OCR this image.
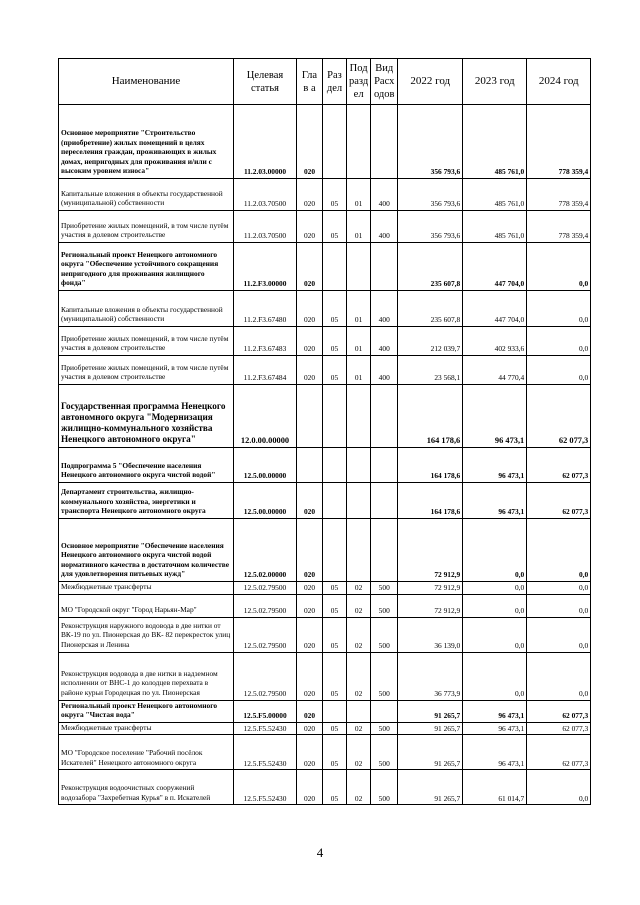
Наименование	Целевая статья	Гла в а	Раз дел	Под разд ел	Вид Расх одов	2022 год	2023 год	2024 год
Основное мероприятие "Строительство (приобретение) жилых помещений в целях переселения граждан, проживающих в жилых домах, непригодных для проживания и/или с высоким уровнем износа"	11.2.03.00000	020				356 793,6	485 761,0	778 359,4
Капитальные вложения в объекты государственной (муниципальной) собственности	11.2.03.70500	020	05	01	400	356 793,6	485 761,0	778 359,4
Приобретение жилых помещений, в том числе путём участия в долевом строительстве	11.2.03.70500	020	05	01	400	356 793,6	485 761,0	778 359,4
Региональный проект Ненецкого автономного округа "Обеспечение устойчивого сокращения непригодного для проживания жилищного фонда"	11.2.F3.00000	020				235 607,8	447 704,0	0,0
Капитальные вложения в объекты государственной (муниципальной) собственности	11.2.F3.67480	020	05	01	400	235 607,8	447 704,0	0,0
Приобретение жилых помещений, в том числе путём участия в долевом строительстве	11.2.F3.67483	020	05	01	400	212 039,7	402 933,6	0,0
Приобретение жилых помещений, в том числе путём участия в долевом строительстве	11.2.F3.67484	020	05	01	400	23 568,1	44 770,4	0,0
Государственная программа Ненецкого автономного округа "Модернизация жилищно-коммунального хозяйства Ненецкого автономного округа"	12.0.00.00000					164 178,6	96 473,1	62 077,3
Подпрограмма 5 "Обеспечение населения Ненецкого автономного округа чистой водой"	12.5.00.00000					164 178,6	96 473,1	62 077,3
Департамент строительства, жилищно-коммунального хозяйства, энергетики и транспорта Ненецкого автономного округа	12.5.00.00000	020				164 178,6	96 473,1	62 077,3
Основное мероприятие "Обеспечение населения Ненецкого автономного округа чистой водой нормативного качества в достаточном количестве для удовлетворения питьевых нужд"	12.5.02.00000	020				72 912,9	0,0	0,0
Межбюджетные трансферты	12.5.02.79500	020	05	02	500	72 912,9	0,0	0,0
МО "Городской округ "Город Нарьян-Мар"	12.5.02.79500	020	05	02	500	72 912,9	0,0	0,0
Реконструкция наружного водовода в две нитки от ВК-19 по ул. Пионерская до ВК- 82 перекресток улиц Пионерская и Ленина	12.5.02.79500	020	05	02	500	36 139,0	0,0	0,0
Реконструкция водовода в две нитки в надземном исполнении от ВНС-1 до колодцев перехвата в районе курьи Городецкая по ул. Пионерская	12.5.02.79500	020	05	02	500	36 773,9	0,0	0,0
Региональный проект Ненецкого автономного округа "Чистая вода"	12.5.F5.00000	020				91 265,7	96 473,1	62 077,3
Межбюджетные трансферты	12.5.F5.52430	020	05	02	500	91 265,7	96 473,1	62 077,3
МО "Городское поселение "Рабочий посёлок Искателей" Ненецкого автономного округа	12.5.F5.52430	020	05	02	500	91 265,7	96 473,1	62 077,3
Реконструкция водоочистных сооружений водозабора "Захребетная Курья" в п. Искателей	12.5.F5.52430	020	05	02	500	91 265,7	61 014,7	0,0
4
